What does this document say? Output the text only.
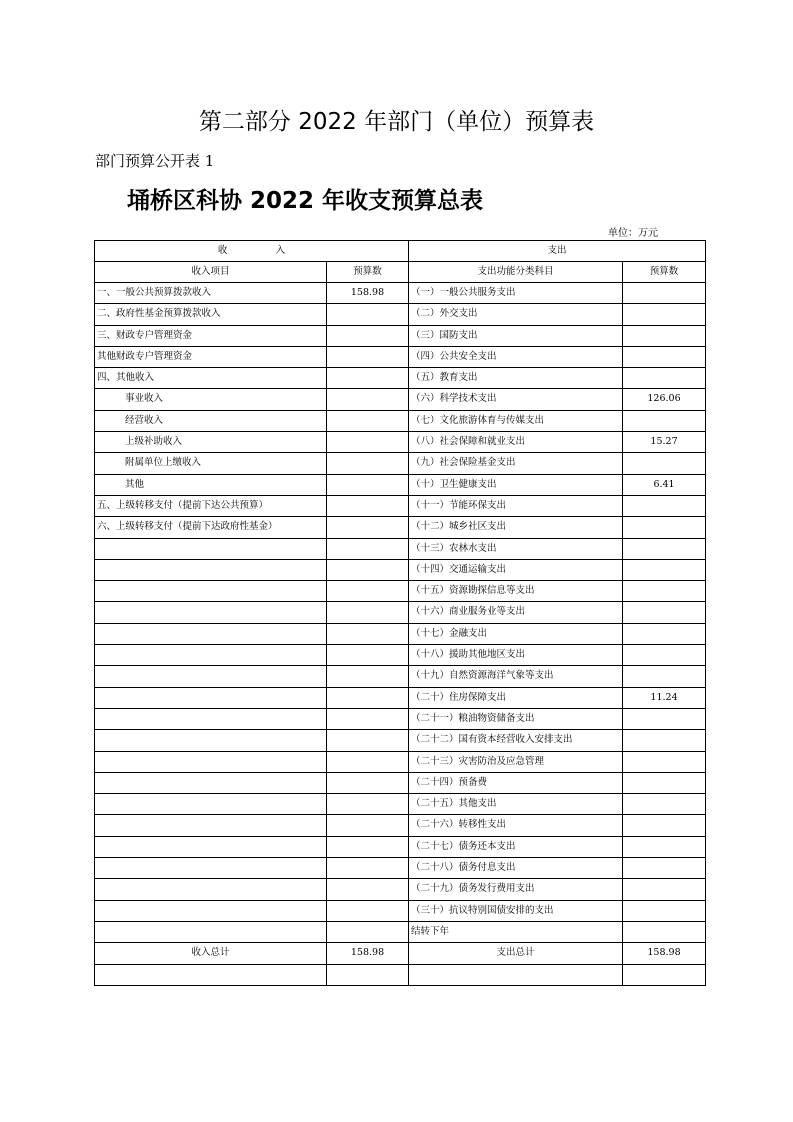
第二部分 2022 年部门（单位）预算表
部门预算公开表 1
埇桥区科协 2022 年收支预算总表
单位：万元
收                入		支出	
收入项目	预算数	支出功能分类科目	预算数
一、一般公共预算拨款收入	158.98	（一）一般公共服务支出	
二、政府性基金预算拨款收入		（二）外交支出	
三、财政专户管理资金		（三）国防支出	
其他财政专户管理资金		（四）公共安全支出	
四、其他收入		（五）教育支出	
事业收入		（六）科学技术支出	126.06
经营收入		（七）文化旅游体育与传媒支出	
上级补助收入		（八）社会保障和就业支出	15.27
附属单位上缴收入		（九）社会保险基金支出	
其他		（十）卫生健康支出	6.41
五、上级转移支付（提前下达公共预算）		（十一）节能环保支出	
六、上级转移支付（提前下达政府性基金）		（十二）城乡社区支出	
		（十三）农林水支出	
		（十四）交通运输支出	
		（十五）资源勘探信息等支出	
		（十六）商业服务业等支出	
		（十七）金融支出	
		（十八）援助其他地区支出	
		（十九）自然资源海洋气象等支出	
		（二十）住房保障支出	11.24
		（二十一）粮油物资储备支出	
		（二十二）国有资本经营收入安排支出	
		（二十三）灾害防治及应急管理	
		（二十四）预备费	
		（二十五）其他支出	
		（二十六）转移性支出	
		（二十七）债务还本支出	
		（二十八）债务付息支出	
		（二十九）债务发行费用支出	
		（三十）抗议特别国债安排的支出	
		结转下年	
收入总计	158.98	支出总计	158.98
